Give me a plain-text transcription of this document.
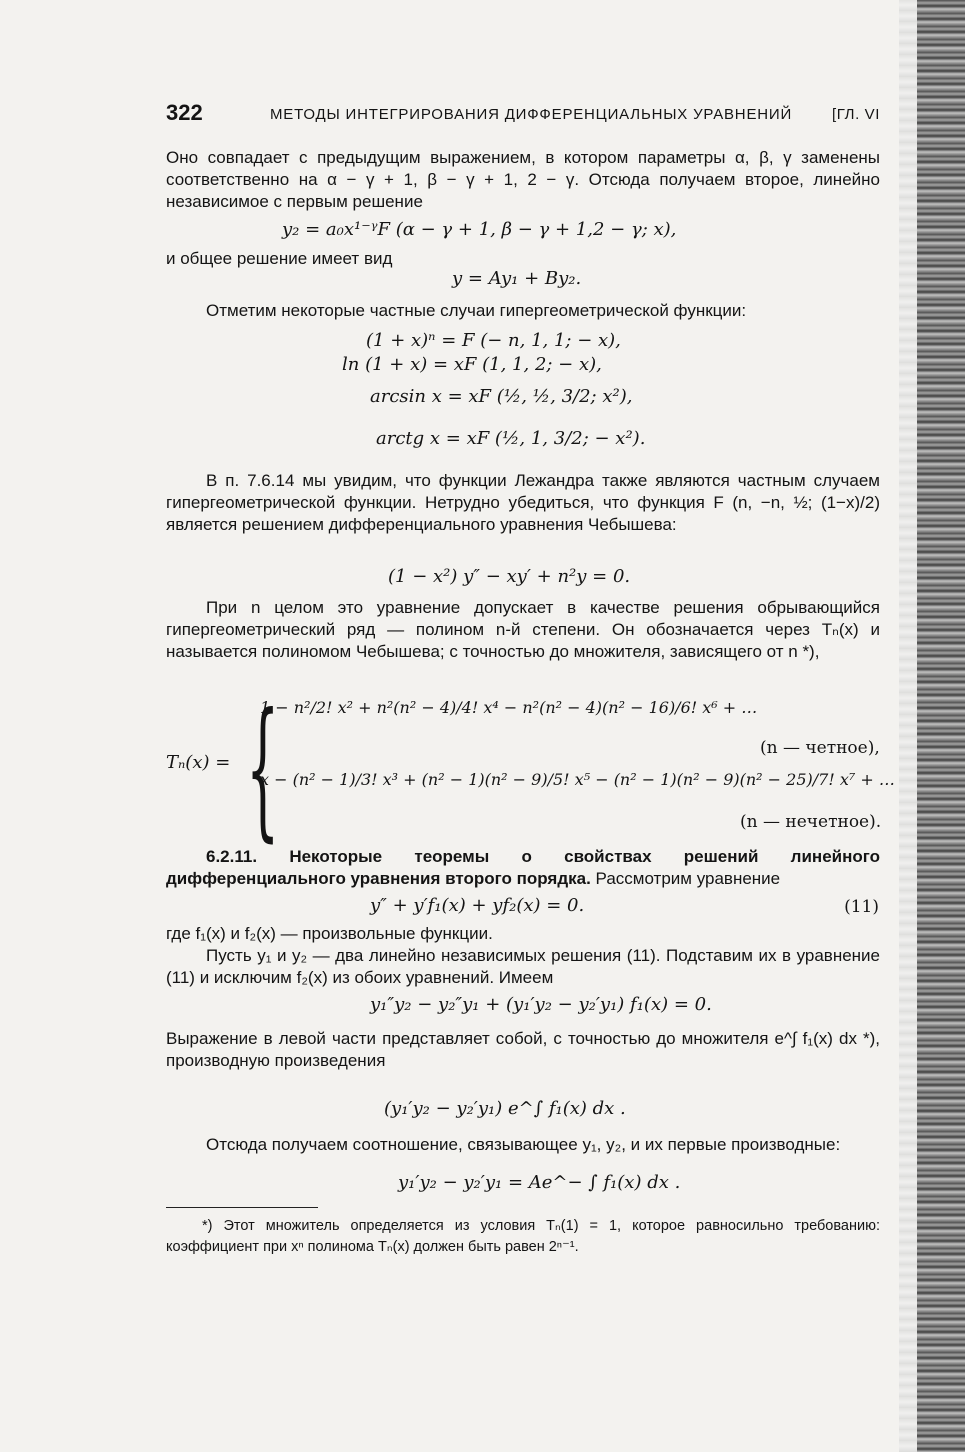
322	МЕТОДЫ ИНТЕГРИРОВАНИЯ ДИФФЕРЕНЦИАЛЬНЫХ УРАВНЕНИЙ	[ГЛ. VI
Оно совпадает с предыдущим выражением, в котором параметры α, β, γ заменены соответственно на α − γ + 1, β − γ + 1, 2 − γ. Отсюда получаем второе, линейно независимое с первым решение
y₂ = a₀x¹⁻ᵞF (α − γ + 1, β − γ + 1,2 − γ; x),
и общее решение имеет вид
y = Ay₁ + By₂.
Отметим некоторые частные случаи гипергеометрической функции:
(1 + x)ⁿ = F (− n, 1, 1; − x),
ln (1 + x) = xF (1, 1, 2; − x),
arcsin x = xF (½, ½, 3/2; x²),
arctg x = xF (½, 1, 3/2; − x²).
В п. 7.6.14 мы увидим, что функции Лежандра также являются частным случаем гипергеометрической функции. Нетрудно убедиться, что функция F (n, −n, ½; (1−x)/2) является решением дифференциального уравнения Чебышева:
(1 − x²) y″ − xy′ + n²y = 0.
При n целом это уравнение допускает в качестве решения обрывающийся гипергеометрический ряд — полином n-й степени. Он обозначается через Tₙ(x) и называется полиномом Чебышева; с точностью до множителя, зависящего от n *),
Tₙ(x) = {
1 − n²/2! x² + n²(n² − 4)/4! x⁴ − n²(n² − 4)(n² − 16)/6! x⁶ + …
(n — четное),
x − (n² − 1)/3! x³ + (n² − 1)(n² − 9)/5! x⁵ − (n² − 1)(n² − 9)(n² − 25)/7! x⁷ + …
(n — нечетное).
6.2.11. Некоторые теоремы о свойствах решений линейного дифференциального уравнения второго порядка. Рассмотрим уравнение
y″ + y′f₁(x) + yf₂(x) = 0.	(11)
где f₁(x) и f₂(x) — произвольные функции.
Пусть y₁ и y₂ — два линейно независимых решения (11). Подставим их в уравнение (11) и исключим f₂(x) из обоих уравнений. Имеем
y₁″y₂ − y₂″y₁ + (y₁′y₂ − y₂′y₁) f₁(x) = 0.
Выражение в левой части представляет собой, с точностью до множителя e^∫ f₁(x) dx *), производную произведения
(y₁′y₂ − y₂′y₁) e^∫ f₁(x) dx .
Отсюда получаем соотношение, связывающее y₁, y₂, и их первые производные:
y₁′y₂ − y₂′y₁ = Ae^− ∫ f₁(x) dx .
*) Этот множитель определяется из условия Tₙ(1) = 1, которое равносильно требованию: коэффициент при xⁿ полинома Tₙ(x) должен быть равен 2ⁿ⁻¹.
